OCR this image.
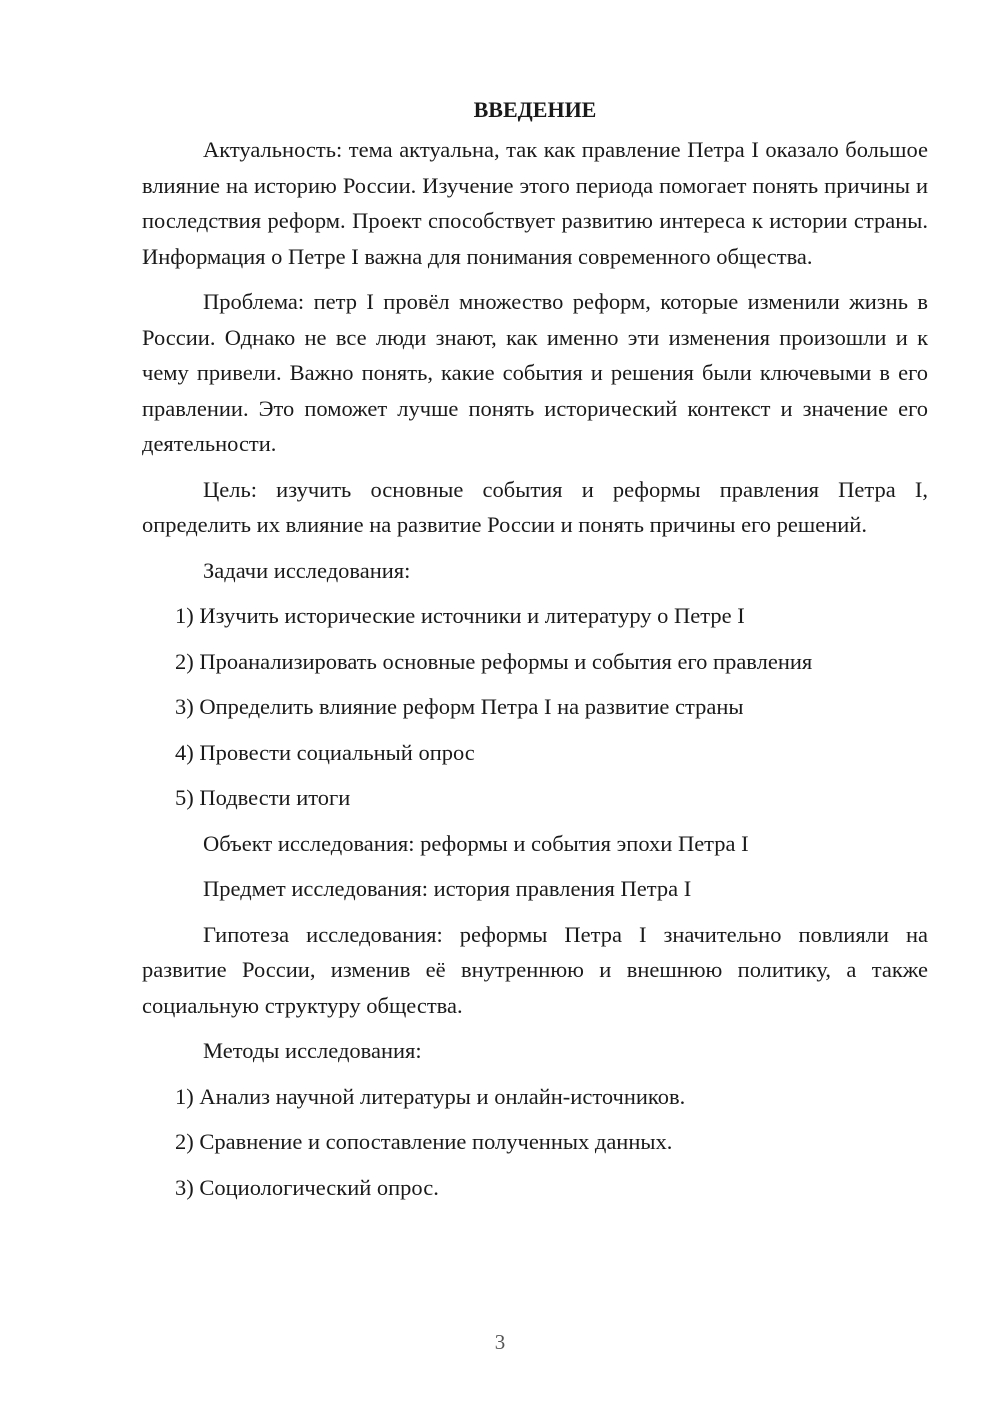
ВВЕДЕНИЕ

Актуальность: тема актуальна, так как правление Петра I оказало большое влияние на историю России. Изучение этого периода помогает понять причины и последствия реформ. Проект способствует развитию интереса к истории страны. Информация о Петре I важна для понимания современного общества.

Проблема: петр I провёл множество реформ, которые изменили жизнь в России. Однако не все люди знают, как именно эти изменения произошли и к чему привели. Важно понять, какие события и решения были ключевыми в его правлении. Это поможет лучше понять исторический контекст и значение его деятельности.

Цель: изучить основные события и реформы правления Петра I, определить их влияние на развитие России и понять причины его решений.

Задачи исследования:
1) Изучить исторические источники и литературу о Петре I
2) Проанализировать основные реформы и события его правления
3) Определить влияние реформ Петра I на развитие страны
4) Провести социальный опрос
5) Подвести итоги
Объект исследования: реформы и события эпохи Петра I
Предмет исследования: история правления Петра I

Гипотеза исследования: реформы Петра I значительно повлияли на развитие России, изменив её внутреннюю и внешнюю политику, а также социальную структуру общества.

Методы исследования:
1) Анализ научной литературы и онлайн-источников.
2) Сравнение и сопоставление полученных данных.
3) Социологический опрос.
3
